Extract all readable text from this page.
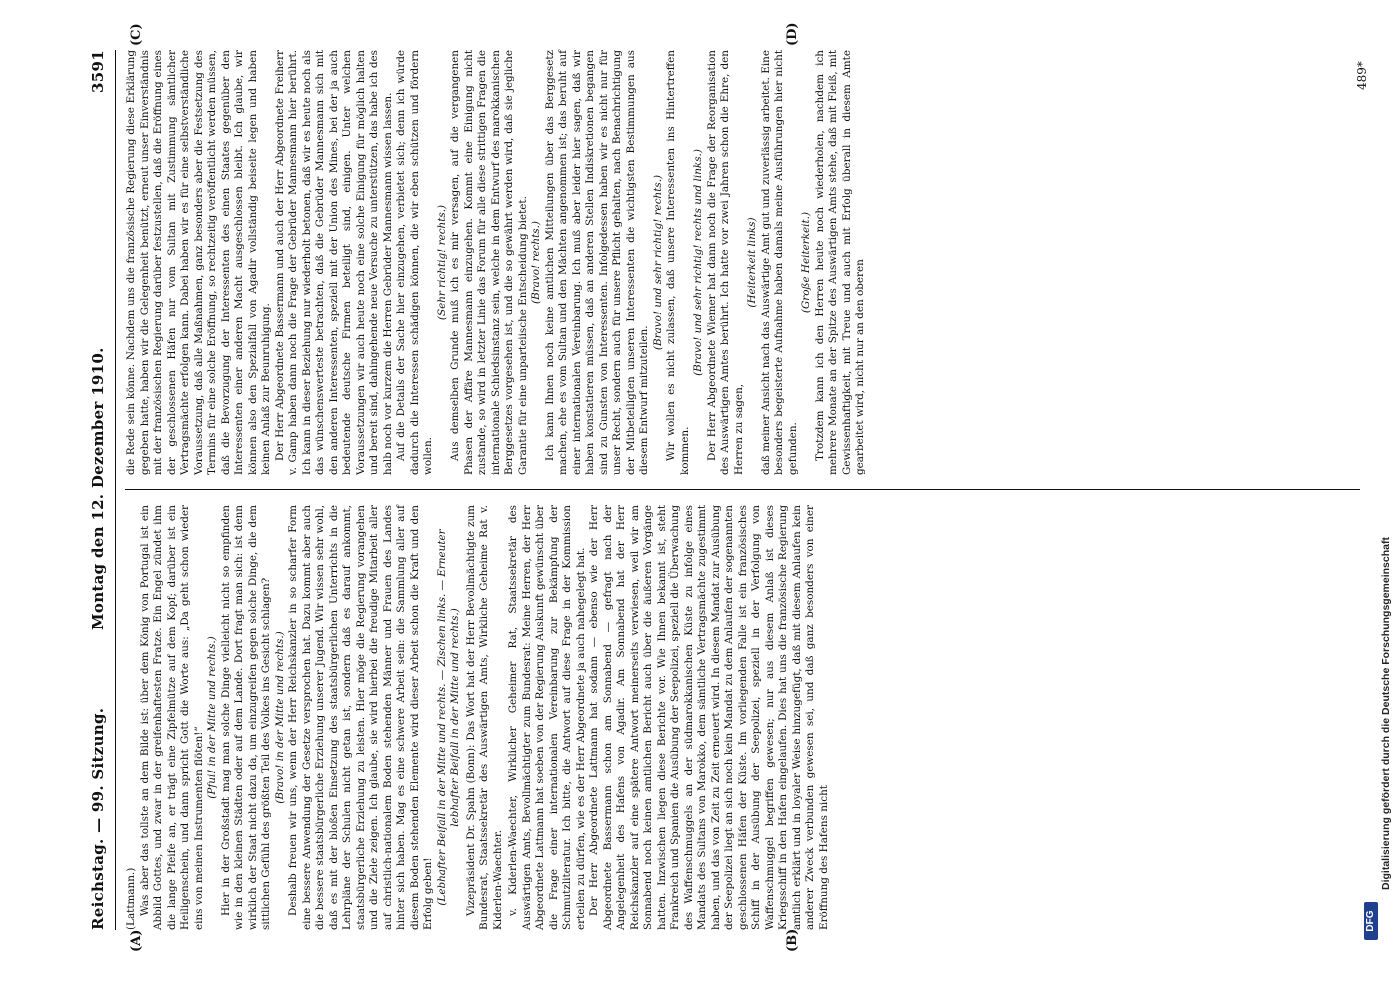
Reichstag. — 99. Sitzung.
Montag den 12. Dezember 1910.
3591

(Lattmann.) Was aber das tollste an dem Bilde ist: über dem König von Portugal ist ein Abbild Gottes, und zwar in der greifenhaftesten Fratze. Ein Engel zündet ihm die lange Pfeife an, er trägt eine Zipfelmütze auf dem Kopf; darüber ist ein Heiligenschein, und dann spricht Gott die Worte aus: „Da geht schon wieder eins von meinen Instrumenten flöten!“

(Pfui! in der Mitte und rechts.) Hier in der Großstadt mag man solche Dinge vielleicht nicht so empfinden wie in den kleinen Städten oder auf dem Lande. Dort fragt man sich: ist denn wirklich der Staat nicht dazu da, um einzugreifen gegen solche Dinge, die dem sittlichen Gefühl des größten Teil des Volkes ins Gesicht schlagen? (Bravo! in der Mitte und rechts.) Deshalb freuen wir uns, wenn der Herr Reichskanzler in so scharfer Form eine bessere Anwendung der Gesetze versprochen hat. Dazu kommt aber auch die bessere staatsbürgerliche Erziehung unserer Jugend. Wir wissen sehr wohl, daß es mit der bloßen Einsetzung des staatsbürgerlichen Unterrichts in die Lehrpläne der Schulen nicht getan ist, sondern daß es darauf ankommt, staatsbürgerliche Erziehung zu leisten. Hier möge die Regierung vorangehen und die Ziele zeigen. Ich glaube, sie wird hierbei die freudige Mitarbeit aller auf christlich-nationalem Boden stehenden Männer und Frauen des Landes hinter sich haben. Mag es eine schwere Arbeit sein: die Sammlung aller auf diesem Boden stehenden Elemente wird dieser Arbeit schon die Kraft und den Erfolg geben! (Lebhafter Beifall in der Mitte und rechts. — Zischen links. — Erneuter lebhafter Beifall in der Mitte und rechts.) Vizepräsident Dr. Spahn (Bonn): Das Wort hat der Herr Bevollmächtigte zum Bundesrat, Staatssekretär des Auswärtigen Amts, Wirkliche Geheime Rat v. Kiderlen-Waechter. v. Kiderlen-Waechter, Wirklicher Geheimer Rat, Staatssekretär des Auswärtigen Amts, Bevollmächtigter zum Bundesrat: Meine Herren, der Herr Abgeordnete Lattmann hat soeben von der Regierung Auskunft gewünscht über die Frage einer internationalen Vereinbarung zur Bekämpfung der Schmutzliteratur. Ich bitte, die Antwort auf diese Frage in der Kommission erteilen zu dürfen, wie es der Herr Abgeordnete ja auch nahegelegt hat. Der Herr Abgeordnete Lattmann hat sodann — ebenso wie der Herr Abgeordnete Bassermann schon am Sonnabend — gefragt nach der Angelegenheit des Hafens von Agadir. Am Sonnabend hat der Herr Reichskanzler auf eine spätere Antwort meinerseits verwiesen, weil wir am Sonnabend noch keinen amtlichen Bericht auch über die äußeren Vorgänge hatten. Inzwischen liegen diese Berichte vor. Wie Ihnen bekannt ist, steht Frankreich und Spanien die Ausübung der Seepolizei, speziell die Überwachung des Waffenschmuggels an der südmarokkanischen Küste zu infolge eines Mandats des Sultans von Marokko, dem sämtliche Vertragsmächte zugestimmt haben, und das von Zeit zu Zeit erneuert wird. In diesem Mandat zur Ausübung der Seepolizei liegt an sich noch kein Mandat zu dem Anlaufen der sogenannten geschlossenen Häfen der Küste. Im vorliegenden Falle ist ein französisches Schiff in der Ausübung der Seepolizei, speziell in der Verfolgung von Waffenschmuggel begriffen gewesen; nur aus diesem Anlaß ist dieses Kriegsschiff in den Hafen eingelaufen. Dies hat uns die französische Regierung amtlich erklärt und in loyaler Weise hinzugefügt, daß mit diesem Anlaufen kein anderer Zweck verbunden gewesen sei, und daß ganz besonders von einer Eröffnung des Hafens nicht

die Rede sein könne. Nachdem uns die französische Regierung diese Erklärung gegeben hatte, haben wir die Gelegenheit benützt, erneut unser Einverständnis mit der französischen Regierung darüber festzustellen, daß die Eröffnung eines der geschlossenen Häfen nur vom Sultan mit Zustimmung sämtlicher Vertragsmächte erfolgen kann. Dabei haben wir es für eine selbstverständliche Voraussetzung, daß alle Maßnahmen, ganz besonders aber die Festsetzung des Termins für eine solche Eröffnung, so rechtzeitig veröffentlicht werden müssen, daß die Bevorzugung der Interessenten des einen Staates gegenüber den Interessenten einer anderen Macht ausgeschlossen bleibt. Ich glaube, wir können also den Spezialfall von Agadir vollständig beiseite legen und haben keinen Anlaß zur Beunruhigung. Der Herr Abgeordnete Bassermann und auch der Herr Abgeordnete Freiherr v. Gamp haben dann noch die Frage der Gebrüder Mannesmann hier berührt. Ich kann in dieser Beziehung nur wiederholt betonen, daß wir es heute noch als das wünschenswerteste betrachten, daß die Gebrüder Mannesmann sich mit den anderen Interessenten, speziell mit der Union des Mines, bei der ja auch bedeutende deutsche Firmen beteiligt sind, einigen. Unter welchen Voraussetzungen wir auch heute noch eine solche Einigung für möglich halten und bereit sind, dahingehende neue Versuche zu unterstützen, das habe ich des halb noch vor kurzem die Herren Gebrüder Mannesmann wissen lassen. Auf die Details der Sache hier einzugehen, verbietet sich; denn ich würde dadurch die Interessen schädigen können, die wir eben schützen und fördern wollen.

(Sehr richtig! rechts.) Aus demselben Grunde muß ich es mir versagen, auf die vergangenen Phasen der Affäre Mannesmann einzugehen. Kommt eine Einigung nicht zustande, so wird in letzter Linie das Forum für alle diese strittigen Fragen die internationale Schiedsinstanz sein, welche in dem Entwurf des marokkanischen Berggesetzes vorgesehen ist, und die so gewährt werden wird, daß sie jegliche Garantie für eine unparteiische Entscheidung bietet. (Bravo! rechts.) Ich kann Ihnen noch keine amtlichen Mitteilungen über das Berggesetz machen, ehe es vom Sultan und den Mächten angenommen ist; das beruht auf einer internationalen Vereinbarung. Ich muß aber leider hier sagen, daß wir haben konstatieren müssen, daß an anderen Stellen Indiskretionen begangen sind zu Gunsten von Interessenten. Infolgedessen haben wir es nicht nur für unser Recht, sondern auch für unsere Pflicht gehalten, nach Benachrichtigung der Mitbeteiligten unseren Interessenten die wichtigsten Bestimmungen aus diesem Entwurf mitzuteilen.

(Bravo! und sehr richtig! rechts.) Wir wollen es nicht zulassen, daß unsere Interessenten ins Hintertreffen kommen.

(Bravo! und sehr richtig! rechts und links.) Der Herr Abgeordnete Wiemer hat dann noch die Frage der Reorganisation des Auswärtigen Amtes berührt. Ich hatte vor zwei Jahren schon die Ehre, den Herren zu sagen,

(Heiterkeit links) daß meiner Ansicht nach das Auswärtige Amt gut und zuverlässig arbeitet. Eine besonders begeisterte Aufnahme haben damals meine Ausführungen hier nicht gefunden.

(Große Heiterkeit.) Trotzdem kann ich den Herren heute noch wiederholen, nachdem ich mehrere Monate an der Spitze des Auswärtigen Amts stehe, daß mit Fleiß, mit Gewissenhaftigkeit, mit Treue und auch mit Erfolg überall in diesem Amte gearbeitet wird, nicht nur an den oberen

(A)	(B)
(C)	(D)
489*
Digitalisierung gefördert durch die Deutsche Forschungsgemeinschaft
DFG
